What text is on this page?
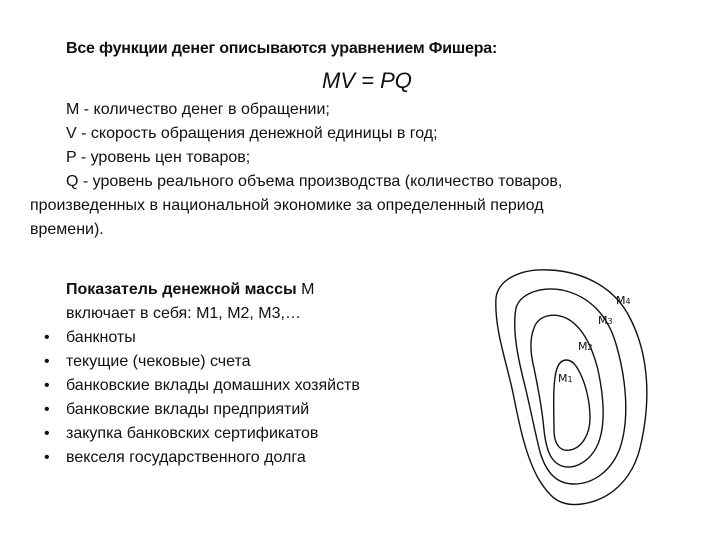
Все функции денег описываются уравнением Фишера:
MV = PQ
М - количество денег в обращении;
V - скорость обращения денежной единицы в год;
P - уровень цен товаров;
Q - уровень реального объема производства (количество товаров,
произведенных в национальной экономике за определенный период
времени).
Показатель денежной массы М
включает в себя: М1, М2, М3,…
• банкноты
• текущие (чековые) счета
• банковские вклады домашних хозяйств
• банковские вклады предприятий
• закупка банковских сертификатов
• векселя государственного долга
М4
М3
М2
М1
